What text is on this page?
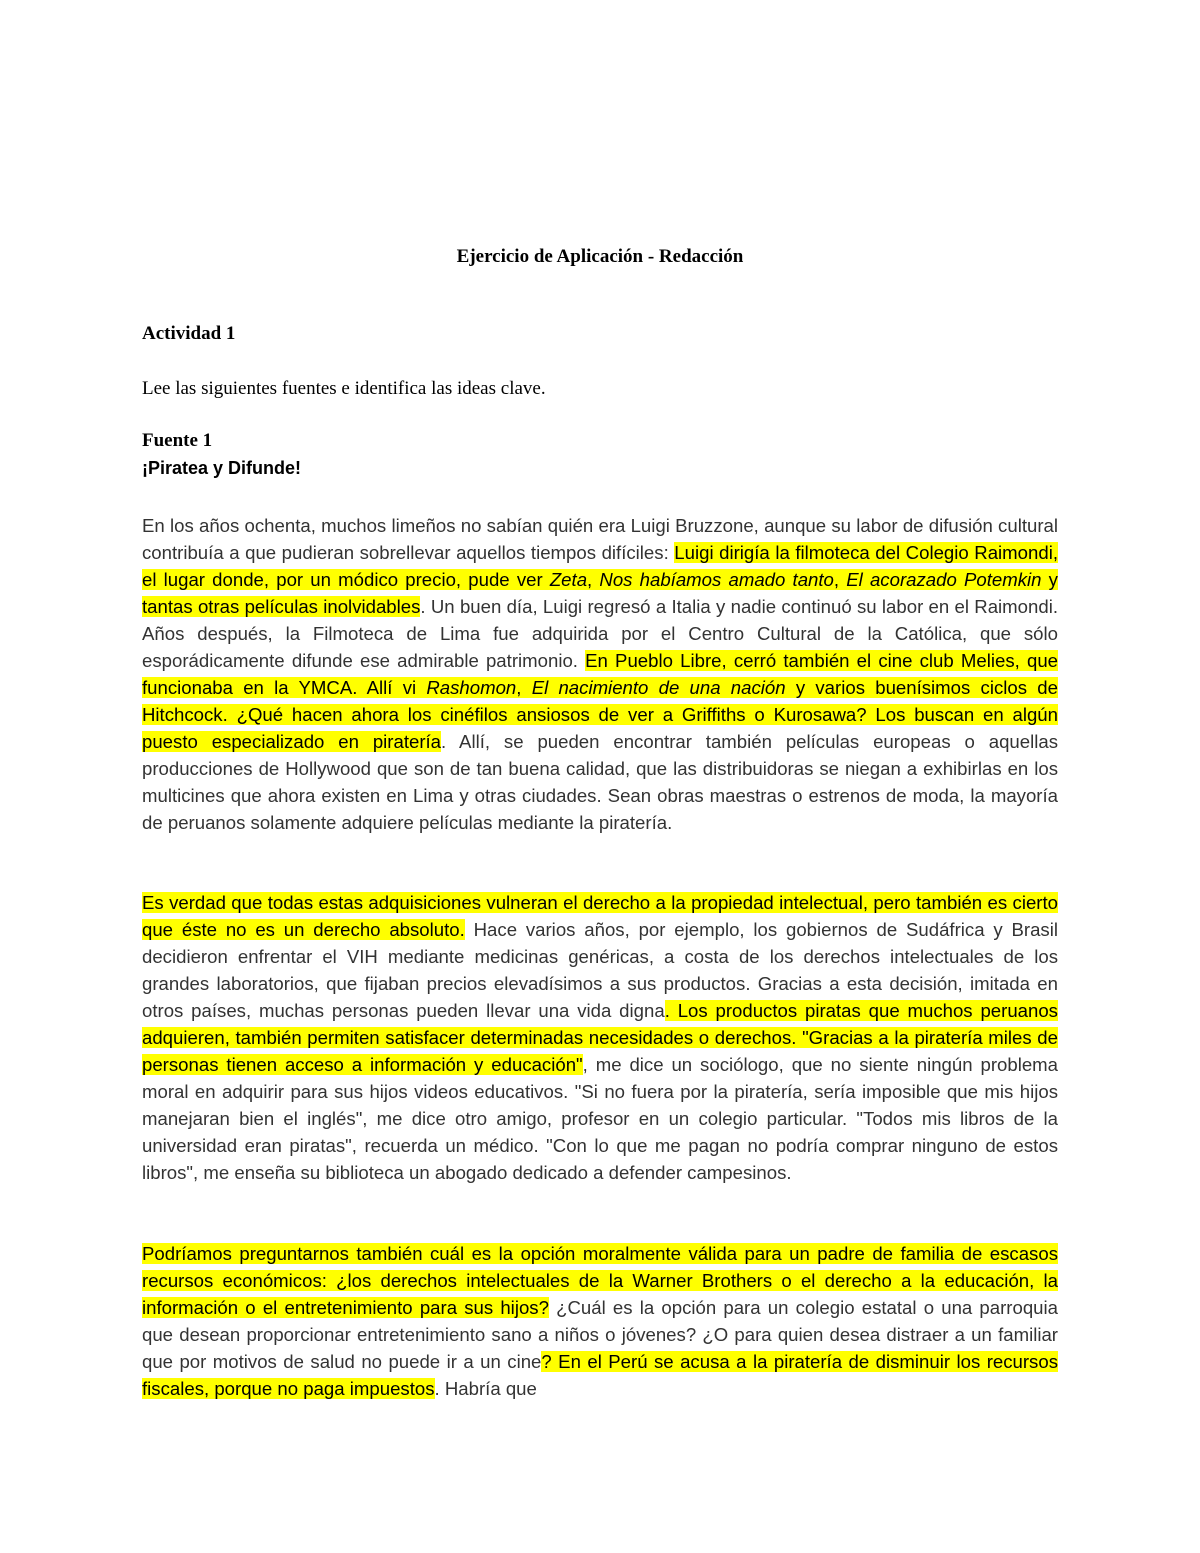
Ejercicio de Aplicación - Redacción
Actividad 1
Lee las siguientes fuentes e identifica las ideas clave.
Fuente 1
¡Piratea y Difunde!

En los años ochenta, muchos limeños no sabían quién era Luigi Bruzzone, aunque su labor de difusión cultural contribuía a que pudieran sobrellevar aquellos tiempos difíciles: Luigi dirigía la filmoteca del Colegio Raimondi, el lugar donde, por un módico precio, pude ver Zeta, Nos habíamos amado tanto, El acorazado Potemkin y tantas otras películas inolvidables. Un buen día, Luigi regresó a Italia y nadie continuó su labor en el Raimondi. Años después, la Filmoteca de Lima fue adquirida por el Centro Cultural de la Católica, que sólo esporádicamente difunde ese admirable patrimonio. En Pueblo Libre, cerró también el cine club Melies, que funcionaba en la YMCA. Allí vi Rashomon, El nacimiento de una nación y varios buenísimos ciclos de Hitchcock. ¿Qué hacen ahora los cinéfilos ansiosos de ver a Griffiths o Kurosawa? Los buscan en algún puesto especializado en piratería. Allí, se pueden encontrar también películas europeas o aquellas producciones de Hollywood que son de tan buena calidad, que las distribuidoras se niegan a exhibirlas en los multicines que ahora existen en Lima y otras ciudades. Sean obras maestras o estrenos de moda, la mayoría de peruanos solamente adquiere películas mediante la piratería.

Es verdad que todas estas adquisiciones vulneran el derecho a la propiedad intelectual, pero también es cierto que éste no es un derecho absoluto. Hace varios años, por ejemplo, los gobiernos de Sudáfrica y Brasil decidieron enfrentar el VIH mediante medicinas genéricas, a costa de los derechos intelectuales de los grandes laboratorios, que fijaban precios elevadísimos a sus productos. Gracias a esta decisión, imitada en otros países, muchas personas pueden llevar una vida digna. Los productos piratas que muchos peruanos adquieren, también permiten satisfacer determinadas necesidades o derechos. "Gracias a la piratería miles de personas tienen acceso a información y educación", me dice un sociólogo, que no siente ningún problema moral en adquirir para sus hijos videos educativos. "Si no fuera por la piratería, sería imposible que mis hijos manejaran bien el inglés", me dice otro amigo, profesor en un colegio particular. "Todos mis libros de la universidad eran piratas", recuerda un médico. "Con lo que me pagan no podría comprar ninguno de estos libros", me enseña su biblioteca un abogado dedicado a defender campesinos.

Podríamos preguntarnos también cuál es la opción moralmente válida para un padre de familia de escasos recursos económicos: ¿los derechos intelectuales de la Warner Brothers o el derecho a la educación, la información o el entretenimiento para sus hijos? ¿Cuál es la opción para un colegio estatal o una parroquia que desean proporcionar entretenimiento sano a niños o jóvenes? ¿O para quien desea distraer a un familiar que por motivos de salud no puede ir a un cine? En el Perú se acusa a la piratería de disminuir los recursos fiscales, porque no paga impuestos. Habría que
